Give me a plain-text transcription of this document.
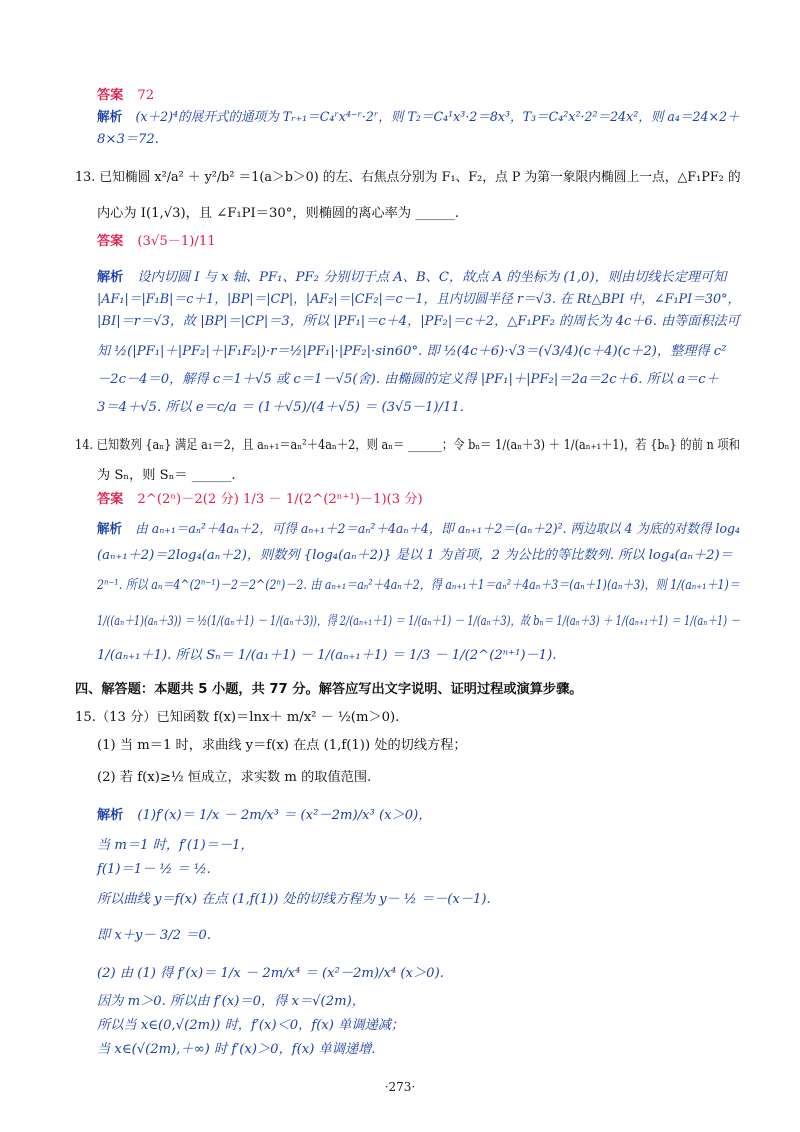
答案 72
解析 (x＋2)⁴的展开式的通项为 Tᵣ₊₁＝C₄ʳx⁴⁻ʳ·2ʳ，则 T₂＝C₄¹x³·2＝8x³，T₃＝C₄²x²·2²＝24x²，则 a₄＝24×2＋
8×3＝72.
13. 已知椭圆 x²/a² ＋ y²/b² ＝1(a＞b＞0) 的左、右焦点分别为 F₁、F₂，点 P 为第一象限内椭圆上一点，△F₁PF₂ 的
内心为 I(1,√3)，且 ∠F₁PI＝30°，则椭圆的离心率为 ______.
答案 (3√5－1)/11
解析 设内切圆 I 与 x 轴、PF₁、PF₂ 分别切于点 A、B、C，故点 A 的坐标为 (1,0)，则由切线长定理可知
|AF₁|＝|F₁B|＝c＋1，|BP|＝|CP|，|AF₂|＝|CF₂|＝c－1，且内切圆半径 r＝√3. 在 Rt△BPI 中，∠F₁PI＝30°，
|BI|＝r＝√3，故 |BP|＝|CP|＝3，所以 |PF₁|＝c＋4，|PF₂|＝c＋2，△F₁PF₂ 的周长为 4c＋6. 由等面积法可
知 ½(|PF₁|＋|PF₂|＋|F₁F₂|)·r＝½|PF₁|·|PF₂|·sin60°. 即 ½(4c＋6)·√3＝(√3/4)(c＋4)(c＋2)，整理得 c²
－2c－4＝0，解得 c＝1＋√5 或 c＝1－√5(舍). 由椭圆的定义得 |PF₁|＋|PF₂|＝2a＝2c＋6. 所以 a＝c＋
3＝4＋√5. 所以 e＝c/a ＝ (1＋√5)/(4＋√5) ＝ (3√5－1)/11.
14. 已知数列 {aₙ} 满足 a₁＝2，且 aₙ₊₁＝aₙ²＋4aₙ＋2，则 aₙ＝ ______；令 bₙ＝ 1/(aₙ＋3) ＋ 1/(aₙ₊₁＋1)，若 {bₙ} 的前 n 项和
为 Sₙ，则 Sₙ＝ ______.
答案 2^(2ⁿ)－2(2 分) 1/3 － 1/(2^(2ⁿ⁺¹)－1)(3 分)
解析 由 aₙ₊₁＝aₙ²＋4aₙ＋2，可得 aₙ₊₁＋2＝aₙ²＋4aₙ＋4，即 aₙ₊₁＋2＝(aₙ＋2)². 两边取以 4 为底的对数得 log₄
(aₙ₊₁＋2)＝2log₄(aₙ＋2)，则数列 {log₄(aₙ＋2)} 是以 1 为首项，2 为公比的等比数列. 所以 log₄(aₙ＋2)＝
2ⁿ⁻¹. 所以 aₙ＝4^(2ⁿ⁻¹)－2＝2^(2ⁿ)－2. 由 aₙ₊₁＝aₙ²＋4aₙ＋2，得 aₙ₊₁＋1＝aₙ²＋4aₙ＋3＝(aₙ＋1)(aₙ＋3)，则 1/(aₙ₊₁＋1)＝
1/((aₙ＋1)(aₙ＋3)) ＝ ½(1/(aₙ＋1) － 1/(aₙ＋3))，得 2/(aₙ₊₁＋1) ＝ 1/(aₙ＋1) － 1/(aₙ＋3)，故 bₙ＝ 1/(aₙ＋3) ＋ 1/(aₙ₊₁＋1) ＝ 1/(aₙ＋1) －
1/(aₙ₊₁＋1). 所以 Sₙ＝ 1/(a₁＋1) － 1/(aₙ₊₁＋1) ＝ 1/3 － 1/(2^(2ⁿ⁺¹)－1).
四、解答题：本题共 5 小题，共 77 分。解答应写出文字说明、证明过程或演算步骤。
15.（13 分）已知函数 f(x)＝lnx＋ m/x² － ½(m＞0).
(1) 当 m＝1 时，求曲线 y＝f(x) 在点 (1,f(1)) 处的切线方程；
(2) 若 f(x)≥½ 恒成立，求实数 m 的取值范围.
解析 (1)f′(x)＝ 1/x － 2m/x³ ＝ (x²－2m)/x³ (x＞0)，
当 m＝1 时，f′(1)＝－1，
f(1)＝1－ ½ ＝ ½.
所以曲线 y＝f(x) 在点 (1,f(1)) 处的切线方程为 y－ ½ ＝－(x－1).
即 x＋y－ 3/2 ＝0.
(2) 由 (1) 得 f′(x)＝ 1/x － 2m/x⁴ ＝ (x²－2m)/x⁴ (x＞0).
因为 m＞0. 所以由 f′(x)＝0，得 x＝√(2m)，
所以当 x∈(0,√(2m)) 时，f′(x)＜0，f(x) 单调递减；
当 x∈(√(2m),＋∞) 时 f′(x)＞0，f(x) 单调递增.
·273·
